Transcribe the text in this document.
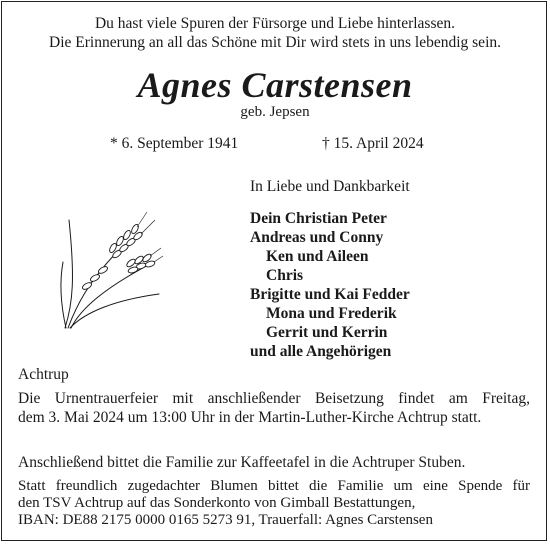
Du hast viele Spuren der Fürsorge und Liebe hinterlassen.
Die Erinnerung an all das Schöne mit Dir wird stets in uns lebendig sein.
Agnes Carstensen
geb. Jepsen
* 6. September 1941	† 15. April 2024
In Liebe und Dankbarkeit
Dein Christian Peter
Andreas und Conny
Ken und Aileen
Chris
Brigitte und Kai Fedder
Mona und Frederik
Gerrit und Kerrin
und alle Angehörigen
Achtrup
Die Urnentrauerfeier mit anschließender Beisetzung findet am Freitag,
dem 3. Mai 2024 um 13:00 Uhr in der Martin-Luther-Kirche Achtrup statt.
Anschließend bittet die Familie zur Kaffeetafel in die Achtruper Stuben.
Statt freundlich zugedachter Blumen bittet die Familie um eine Spende für
den TSV Achtrup auf das Sonderkonto von Gimball Bestattungen,
IBAN: DE88 2175 0000 0165 5273 91, Trauerfall: Agnes Carstensen
